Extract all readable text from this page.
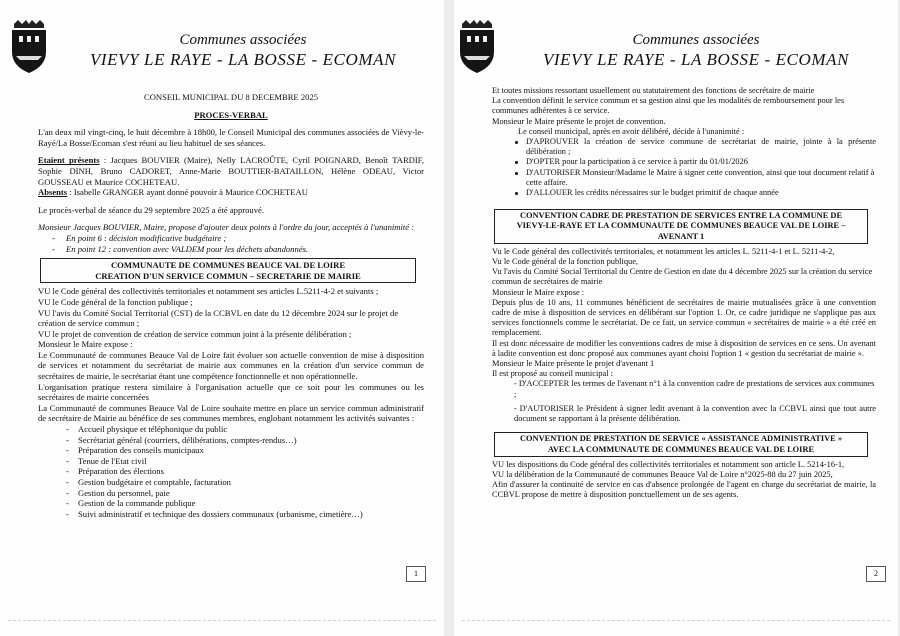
Communes associées
VIEVY LE RAYE - LA BOSSE - ECOMAN

CONSEIL MUNICIPAL DU 8 DECEMBRE 2025

PROCES-VERBAL

L'an deux mil vingt-cinq, le huit décembre à 18h00, le Conseil Municipal des communes associées de Vièvy-le-Rayé/La Bosse/Ecoman s'est réuni au lieu habituel de ses séances.

Etaient présents : Jacques BOUVIER (Maire), Nelly LACROÛTE, Cyril POIGNARD, Benoît TARDIF, Sophie DINH, Bruno CADORET, Anne-Marie BOUTTIER-BATAILLON, Hélène ODEAU, Victor GOUSSEAU et Maurice COCHETEAU.

Absents : Isabelle GRANGER ayant donné pouvoir à Maurice COCHETEAU

Le procès-verbal de séance du 29 septembre 2025 a été approuvé.

Monsieur Jacques BOUVIER, Maire, propose d'ajouter deux points à l'ordre du jour, acceptés à l'unanimité :

- En point 6 : décision modificative budgétaire ;
- En point 12 : convention avec VALDEM pour les déchets abandonnés.
COMMUNAUTE DE COMMUNES BEAUCE VAL DE LOIRE
CREATION D'UN SERVICE COMMUN – SECRETARIE DE MAIRIE

VU le Code général des collectivités territoriales et notamment ses articles L.5211-4-2 et suivants ;

VU le Code général de la fonction publique ;

VU l'avis du Comité Social Territorial (CST) de la CCBVL en date du 12 décembre 2024 sur le projet de création de service commun ;

VU le projet de convention de création de service commun joint à la présente délibération ;

Monsieur le Maire expose :

Le Communauté de communes Beauce Val de Loire fait évoluer son actuelle convention de mise à disposition de services et notamment du secrétariat de mairie aux communes en la création d'un service commun de secrétaires de mairie, le secrétariat étant une compétence fonctionnelle et non opérationnelle.

L'organisation pratique restera similaire à l'organisation actuelle que ce soit pour les communes ou les secrétaires de mairie concernées

La Communauté de communes Beauce Val de Loire souhaite mettre en place un service commun administratif de secrétaire de Mairie au bénéfice de ses communes membres, englobant notamment les activités suivantes :

- Accueil physique et téléphonique du public
- Secrétariat général (courriers, délibérations, comptes-rendus…)
- Préparation des conseils municipaux
- Tenue de l'Etat civil
- Préparation des élections
- Gestion budgétaire et comptable, facturation
- Gestion du personnel, paie
- Gestion de la commande publique
- Suivi administratif et technique des dossiers communaux (urbanisme, cimetière…)
1
Communes associées
VIEVY LE RAYE - LA BOSSE - ECOMAN

Et toutes missions ressortant usuellement ou statutairement des fonctions de secrétaire de mairie

La convention définit le service commun et sa gestion ainsi que les modalités de remboursement pour les communes adhérentes à ce service.

Monsieur le Maire présente le projet de convention.

Le conseil municipal, après en avoir délibéré, décide à l'unanimité :

D'APROUVER la création de service commune de secrétariat de mairie, jointe à la présente délibération ;
D'OPTER pour la participation à ce service à partir du 01/01/2026
D'AUTORISER Monsieur/Madame le Maire à signer cette convention, ainsi que tout document relatif à cette affaire.
D'ALLOUER les crédits nécessaires sur le budget primitif de chaque année
CONVENTION CADRE DE PRESTATION DE SERVICES ENTRE LA COMMUNE DE
VIEVY-LE-RAYE ET LA COMMUNAUTE DE COMMUNES BEAUCE VAL DE LOIRE –
AVENANT 1

Vu le Code général des collectivités territoriales, et notamment les articles L. 5211-4-1 et L. 5211-4-2,

Vu le Code général de la fonction publique,

Vu l'avis du Comité Social Territorial du Centre de Gestion en date du 4 décembre 2025 sur la création du service commun de secrétaires de mairie

Monsieur le Maire expose :

Depuis plus de 10 ans, 11 communes bénéficient de secrétaires de mairie mutualisées grâce à une convention cadre de mise à disposition de services en délibérant sur l'option 1. Or, ce cadre juridique ne s'applique pas aux services fonctionnels comme le secrétariat. De ce fait, un service commun « secrétaires de mairie » a été créé en remplacement.

Il est donc nécessaire de modifier les conventions cadres de mise à disposition de services en ce sens. Un avenant à ladite convention est donc proposé aux communes ayant choisi l'option 1 « gestion du secrétariat de mairie ».

Monsieur le Maire présente le projet d'avenant 1

Il est proposé au conseil municipal :

- D'ACCEPTER les termes de l'avenant n°1 à la convention cadre de prestations de services aux communes ;

- D'AUTORISER le Président à signer ledit avenant à la convention avec la CCBVL ainsi que tout autre document se rapportant à la présente délibération.

CONVENTION DE PRESTATION DE SERVICE « ASSISTANCE ADMINISTRATIVE »
AVEC LA COMMUNAUTE DE COMMUNES BEAUCE VAL DE LOIRE

VU les dispositions du Code général des collectivités territoriales et notamment son article L. 5214-16-1,

VU la délibération de la Communauté de communes Beauce Val de Loire n°2025-88 du 27 juin 2025,

Afin d'assurer la continuité de service en cas d'absence prolongée de l'agent en charge du secrétariat de mairie, la CCBVL propose de mettre à disposition ponctuellement un de ses agents.

2
